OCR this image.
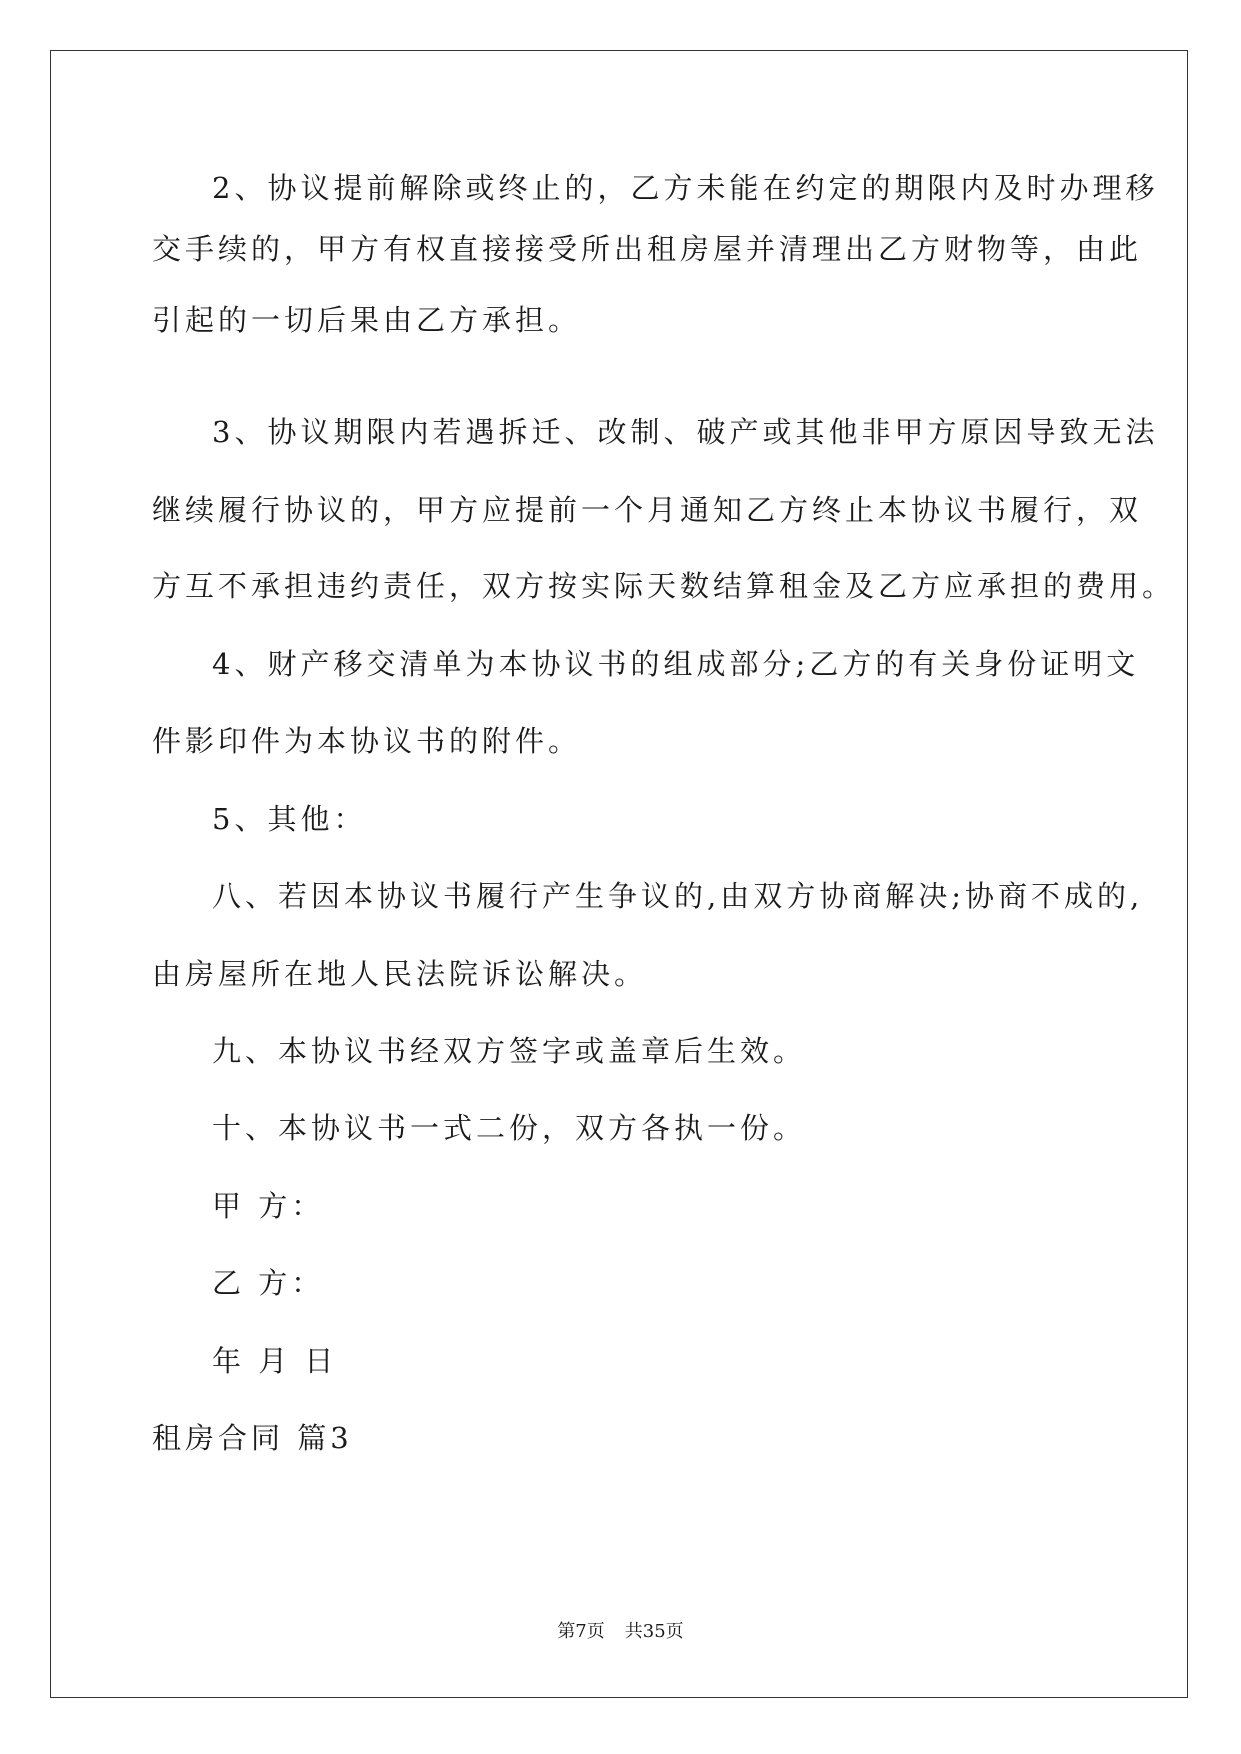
2、协议提前解除或终止的，乙方未能在约定的期限内及时办理移
交手续的，甲方有权直接接受所出租房屋并清理出乙方财物等，由此
引起的一切后果由乙方承担。
3、协议期限内若遇拆迁、改制、破产或其他非甲方原因导致无法
继续履行协议的，甲方应提前一个月通知乙方终止本协议书履行，双
方互不承担违约责任，双方按实际天数结算租金及乙方应承担的费用。
4、财产移交清单为本协议书的组成部分;乙方的有关身份证明文
件影印件为本协议书的附件。
5、其他：
八、若因本协议书履行产生争议的,由双方协商解决;协商不成的,
由房屋所在地人民法院诉讼解决。
九、本协议书经双方签字或盖章后生效。
十、本协议书一式二份，双方各执一份。
甲 方：
乙 方：
年 月 日
租房合同 篇3
第7页 共35页
